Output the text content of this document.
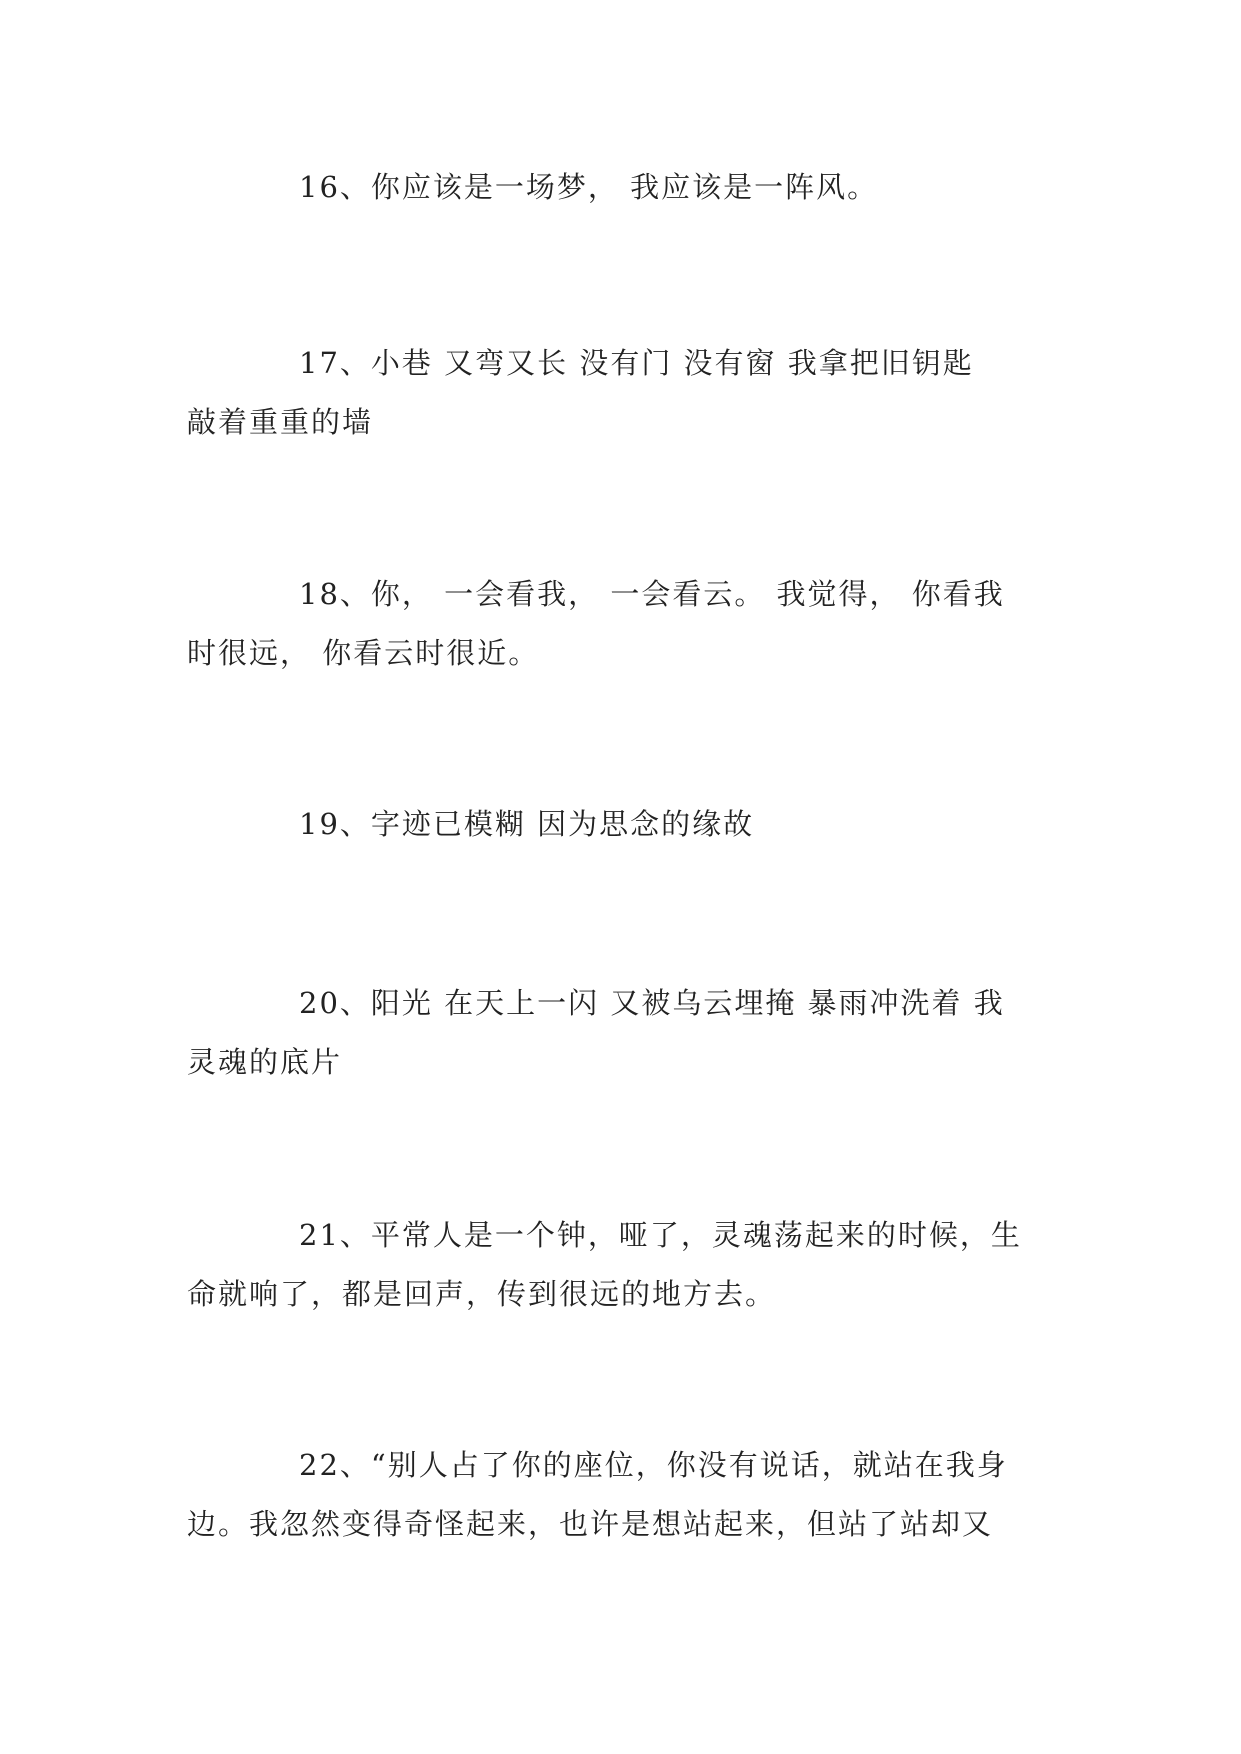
16、你应该是一场梦， 我应该是一阵风。
17、小巷 又弯又长 没有门 没有窗 我拿把旧钥匙
敲着重重的墙
18、你， 一会看我， 一会看云。 我觉得， 你看我
时很远， 你看云时很近。
19、字迹已模糊 因为思念的缘故
20、阳光 在天上一闪 又被乌云埋掩 暴雨冲洗着 我
灵魂的底片
21、平常人是一个钟，哑了，灵魂荡起来的时候，生
命就响了，都是回声，传到很远的地方去。
22、“别人占了你的座位，你没有说话，就站在我身
边。我忽然变得奇怪起来，也许是想站起来，但站了站却又
